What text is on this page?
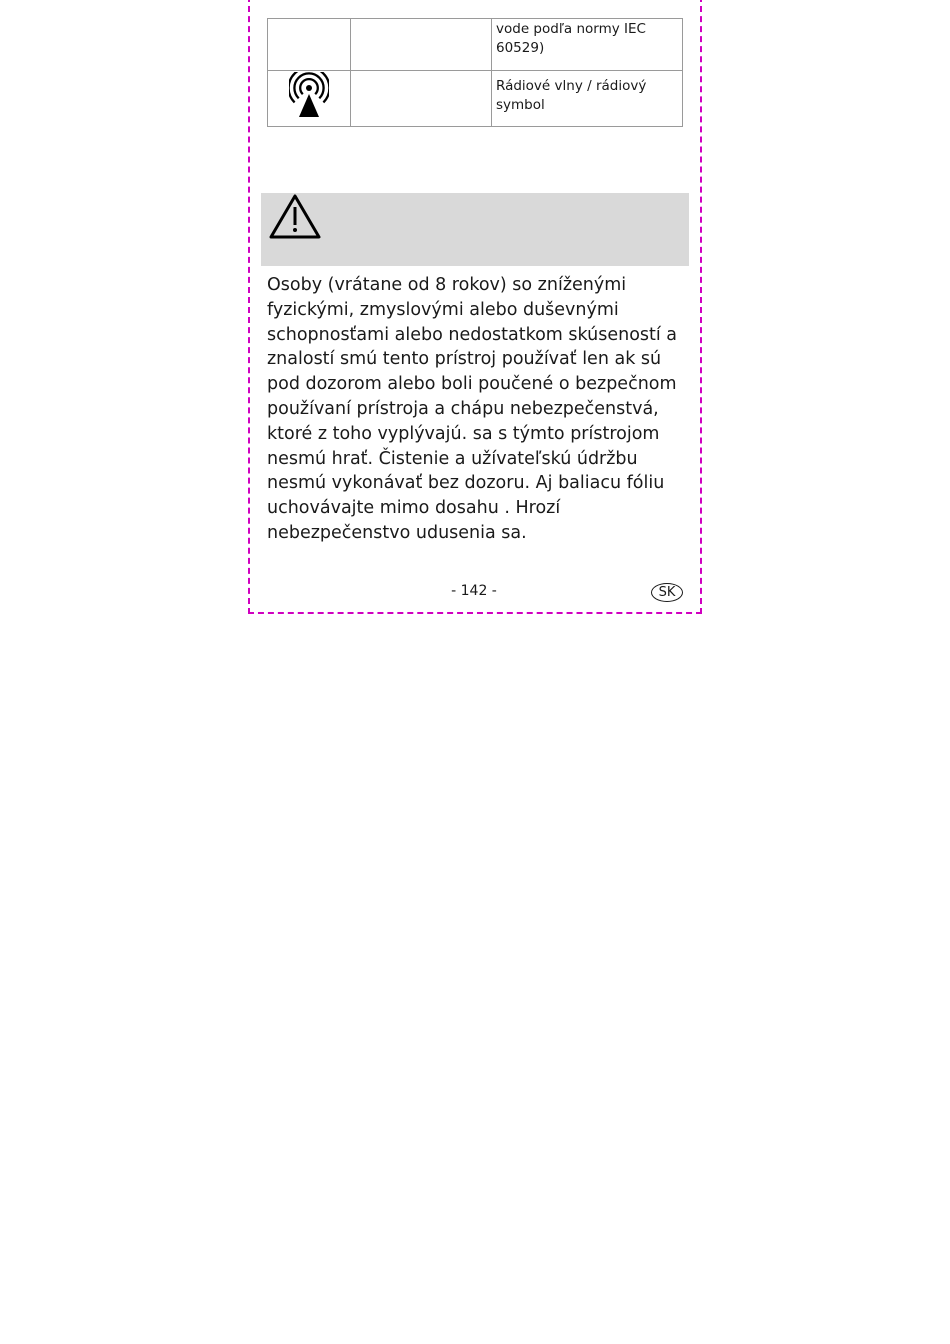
		vode podľa normy IEC 60529)
		Rádiové vlny / rádiový symbol

Osoby (vrátane od 8 rokov) so zníženými fyzickými, zmyslovými alebo duševnými schopnosťami alebo nedostatkom skúseností a znalostí smú tento prístroj používať len ak sú pod dozorom alebo boli poučené o bezpečnom používaní prístroja a chápu nebezpečenstvá, ktoré z toho vyplývajú. sa s týmto prístrojom nesmú hrať. Čistenie a užívateľskú údržbu nesmú vykonávať bez dozoru. Aj baliacu fóliu uchovávajte mimo dosahu . Hrozí nebezpečenstvo udusenia sa.

- 142 -	SK
